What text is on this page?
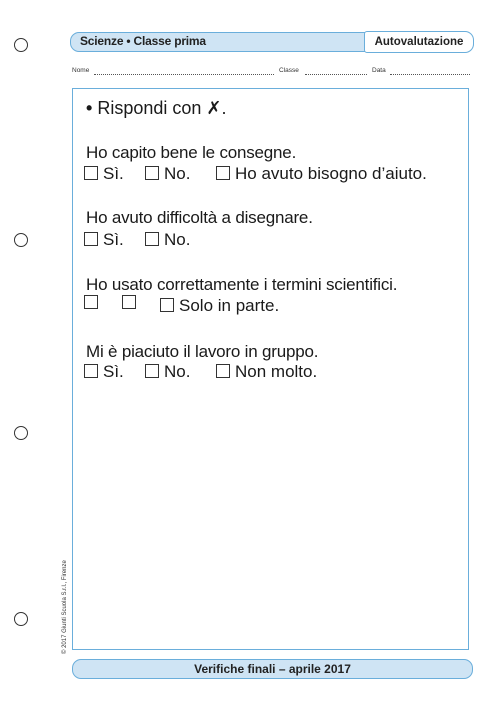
Scienze • Classe prima	Autovalutazione
Nome	Classe	Data
• Rispondi con ✗.
Ho capito bene le consegne.
Sì. No.	Ho avuto bisogno d’aiuto.
Ho avuto difficoltà a disegnare.
Sì. No.
Ho usato correttamente i termini scientifici.
Solo in parte.
Mi è piaciuto il lavoro in gruppo.
Sì. No.	Non molto.
© 2017 Giunti Scuola S.r.l., Firenze
Verifiche finali – aprile 2017
